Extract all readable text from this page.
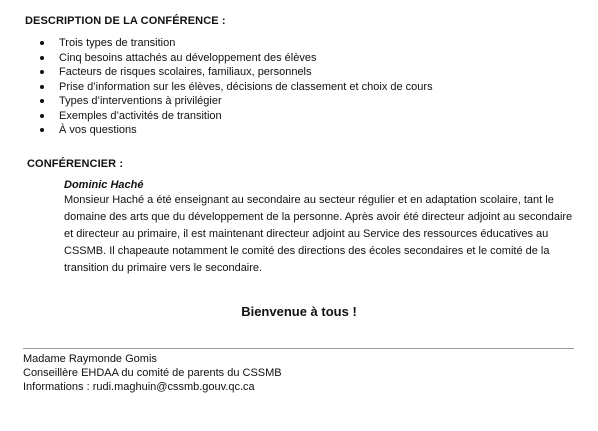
DESCRIPTION DE LA CONFÉRENCE :
Trois types de transition
Cinq besoins attachés au développement des élèves
Facteurs de risques scolaires, familiaux, personnels
Prise d’information sur les élèves, décisions de classement et choix de cours
Types d’interventions à privilégier
Exemples d’activités de transition
À vos questions
CONFÉRENCIER :
Dominic Haché

Monsieur Haché a été enseignant au secondaire au secteur régulier et en adaptation scolaire, tant le domaine des arts que du développement de la personne. Après avoir été directeur adjoint au secondaire et directeur au primaire, il est maintenant directeur adjoint au Service des ressources éducatives au CSSMB. Il chapeaute notamment le comité des directions des écoles secondaires et le comité de la transition du primaire vers le secondaire.

Bienvenue à tous !
Madame Raymonde Gomis
Conseillère EHDAA du comité de parents du CSSMB
Informations : rudi.maghuin@cssmb.gouv.qc.ca
